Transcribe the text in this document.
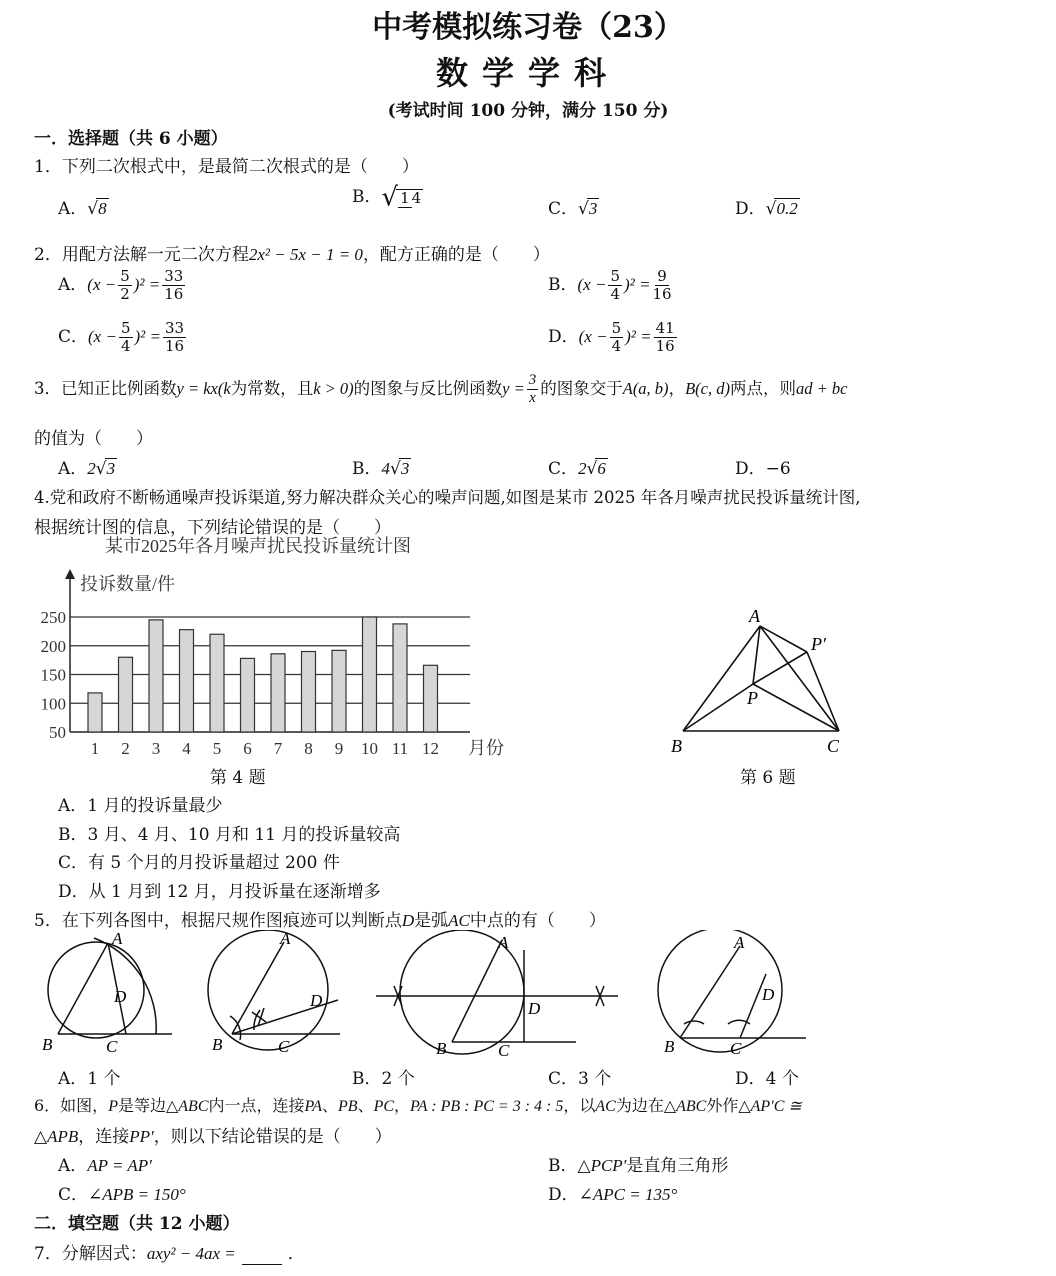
中考模拟练习卷（23）
数学学科
(考试时间 100 分钟，满分 150 分)
一．选择题（共 6 小题）
1．下列二次根式中，是最简二次根式的是（　　）
A．√8
B．√ 1 4
C．√3	D．√0.2
2．用配方法解一元二次方程2x² − 5x − 1 = 0，配方正确的是（　　）
A．$(x - \frac{5}{2} )^2 = \frac{33}{16}$	B．$(x - \frac{5}{4} )^2 = \frac{9}{16}$
C．$(x - \frac{5}{4} )^2 = \frac{33}{16}$	D．$(x - \frac{5}{4} )^2 = \frac{41}{16}$
3．已知正比例函数y = kx(k为常数，且k > 0)的图象与反比例函数$y = \frac{3}{x}$ 的图象交于A(a, b)，B(c, d)两点，则ad + bc
的值为（　　）
A．2√3	B．4√3	C．2√6	D．−6
4.党和政府不断畅通噪声投诉渠道,努力解决群众关心的噪声问题,如图是某市 2025 年各月噪声扰民投诉量统计图,
根据统计图的信息，下列结论错误的是（　　）
某市2025年各月噪声扰民投诉量统计图
投诉数量/件
月份
250
200
150
100
50
1 2 3 4 5 6 7 8 9 10 11 12
第 4 题
A
P′
P
B	C
第 6 题
A．1 月的投诉量最少
B．3 月、4 月、10 月和 11 月的投诉量较高
C．有 5 个月的月投诉量超过 200 件
D．从 1 月到 12 月，月投诉量在逐渐增多
5．在下列各图中，根据尺规作图痕迹可以判断点D是弧AC中点的有（　　）
A
B	C
D
A
B	C
D
A
B	C
D
A
B	C
D
A．1 个	B．2 个	C．3 个	D．4 个
6．如图，P是等边△ABC内一点，连接PA、PB、PC，PA : PB : PC = 3 : 4 : 5，以AC为边在△ABC外作△AP′C ≅
△APB，连接PP′，则以下结论错误的是（　　）
A．AP = AP′	B．△PCP′是直角三角形
C．∠APB = 150°	D．∠APC = 135°
二．填空题（共 12 小题）
7．分解因式：axy² − 4ax =	．
